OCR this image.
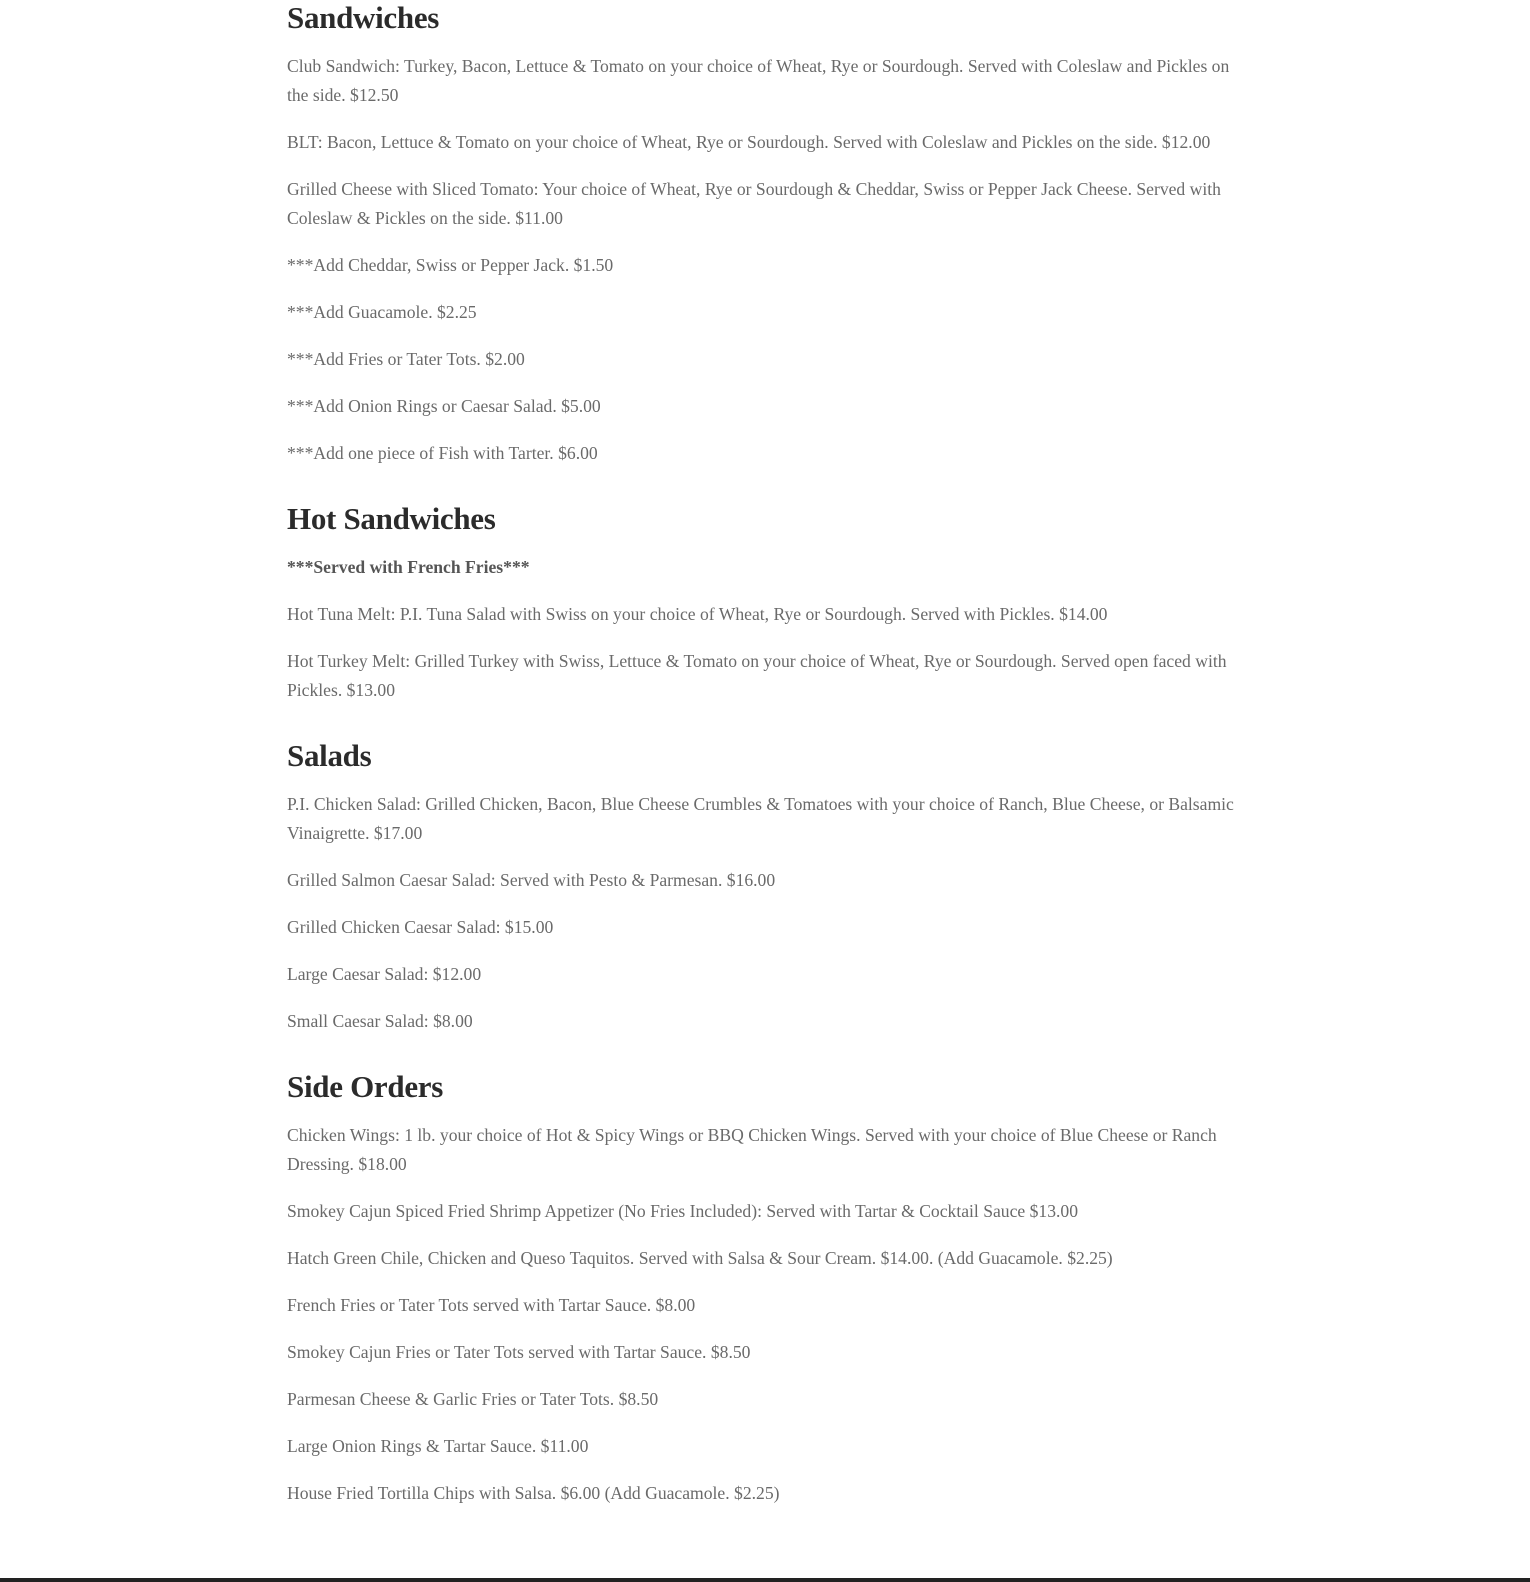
Sandwiches

Club Sandwich: Turkey, Bacon, Lettuce & Tomato on your choice of Wheat, Rye or Sourdough. Served with Coleslaw and Pickles on the side. $12.50

BLT: Bacon, Lettuce & Tomato on your choice of Wheat, Rye or Sourdough. Served with Coleslaw and Pickles on the side. $12.00

Grilled Cheese with Sliced Tomato: Your choice of Wheat, Rye or Sourdough & Cheddar, Swiss or Pepper Jack Cheese. Served with Coleslaw & Pickles on the side. $11.00

***Add Cheddar, Swiss or Pepper Jack. $1.50

***Add Guacamole. $2.25

***Add Fries or Tater Tots. $2.00

***Add Onion Rings or Caesar Salad. $5.00

***Add one piece of Fish with Tarter. $6.00

Hot Sandwiches

***Served with French Fries***

Hot Tuna Melt: P.I. Tuna Salad with Swiss on your choice of Wheat, Rye or Sourdough. Served with Pickles. $14.00

Hot Turkey Melt: Grilled Turkey with Swiss, Lettuce & Tomato on your choice of Wheat, Rye or Sourdough. Served open faced with Pickles. $13.00

Salads

P.I. Chicken Salad: Grilled Chicken, Bacon, Blue Cheese Crumbles & Tomatoes with your choice of Ranch, Blue Cheese, or Balsamic Vinaigrette. $17.00

Grilled Salmon Caesar Salad: Served with Pesto & Parmesan. $16.00

Grilled Chicken Caesar Salad: $15.00

Large Caesar Salad: $12.00

Small Caesar Salad: $8.00

Side Orders

Chicken Wings: 1 lb. your choice of Hot & Spicy Wings or BBQ Chicken Wings. Served with your choice of Blue Cheese or Ranch Dressing. $18.00

Smokey Cajun Spiced Fried Shrimp Appetizer (No Fries Included): Served with Tartar & Cocktail Sauce $13.00

Hatch Green Chile, Chicken and Queso Taquitos. Served with Salsa & Sour Cream. $14.00. (Add Guacamole. $2.25)

French Fries or Tater Tots served with Tartar Sauce. $8.00

Smokey Cajun Fries or Tater Tots served with Tartar Sauce. $8.50

Parmesan Cheese & Garlic Fries or Tater Tots. $8.50

Large Onion Rings & Tartar Sauce. $11.00

House Fried Tortilla Chips with Salsa. $6.00 (Add Guacamole. $2.25)
